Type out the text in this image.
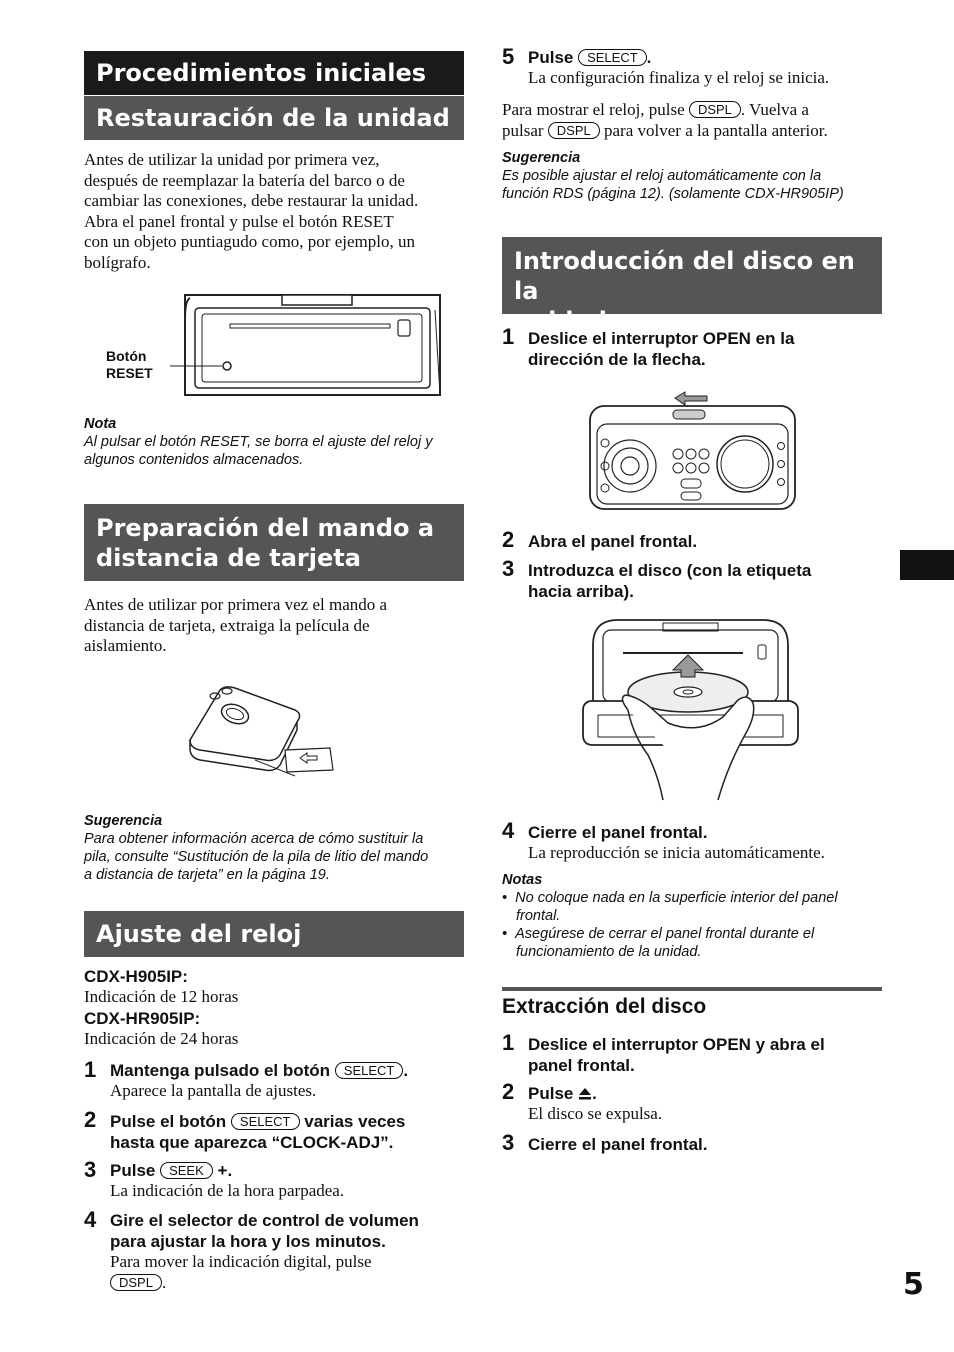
Procedimientos iniciales
Restauración de la unidad
Antes de utilizar la unidad por primera vez,
después de reemplazar la batería del barco o de
cambiar las conexiones, debe restaurar la unidad.
Abra el panel frontal y pulse el botón RESET
con un objeto puntiagudo como, por ejemplo, un
bolígrafo.
Botón
RESET
Nota
Al pulsar el botón RESET, se borra el ajuste del reloj y
algunos contenidos almacenados.
Preparación del mando a
distancia de tarjeta
Antes de utilizar por primera vez el mando a
distancia de tarjeta, extraiga la película de
aislamiento.
Sugerencia
Para obtener información acerca de cómo sustituir la
pila, consulte “Sustitución de la pila de litio del mando
a distancia de tarjeta” en la página 19.
Ajuste del reloj
CDX-H905IP:
Indicación de 12 horas
CDX-HR905IP:
Indicación de 24 horas
1 Mantenga pulsado el botón SELECT .
Aparece la pantalla de ajustes.
2 Pulse el botón SELECT varias veces
hasta que aparezca “CLOCK-ADJ”.
3 Pulse SEEK +.
La indicación de la hora parpadea.
4 Gire el selector de control de volumen
para ajustar la hora y los minutos.
Para mover la indicación digital, pulse
DSPL .
5 Pulse SELECT .
La configuración finaliza y el reloj se inicia.
Para mostrar el reloj, pulse DSPL . Vuelva a
pulsar DSPL para volver a la pantalla anterior.
Sugerencia
Es posible ajustar el reloj automáticamente con la
función RDS (página 12). (solamente CDX-HR905IP)
Introducción del disco en la
unidad
1 Deslice el interruptor OPEN en la
dirección de la flecha.
2 Abra el panel frontal.
3 Introduzca el disco (con la etiqueta
hacia arriba).
4 Cierre el panel frontal.
La reproducción se inicia automáticamente.
Notas
•  No coloque nada en la superficie interior del panel
frontal.
•  Asegúrese de cerrar el panel frontal durante el
funcionamiento de la unidad.
Extracción del disco
1 Deslice el interruptor OPEN y abra el
panel frontal.
2 Pulse .
El disco se expulsa.
3 Cierre el panel frontal.
5
